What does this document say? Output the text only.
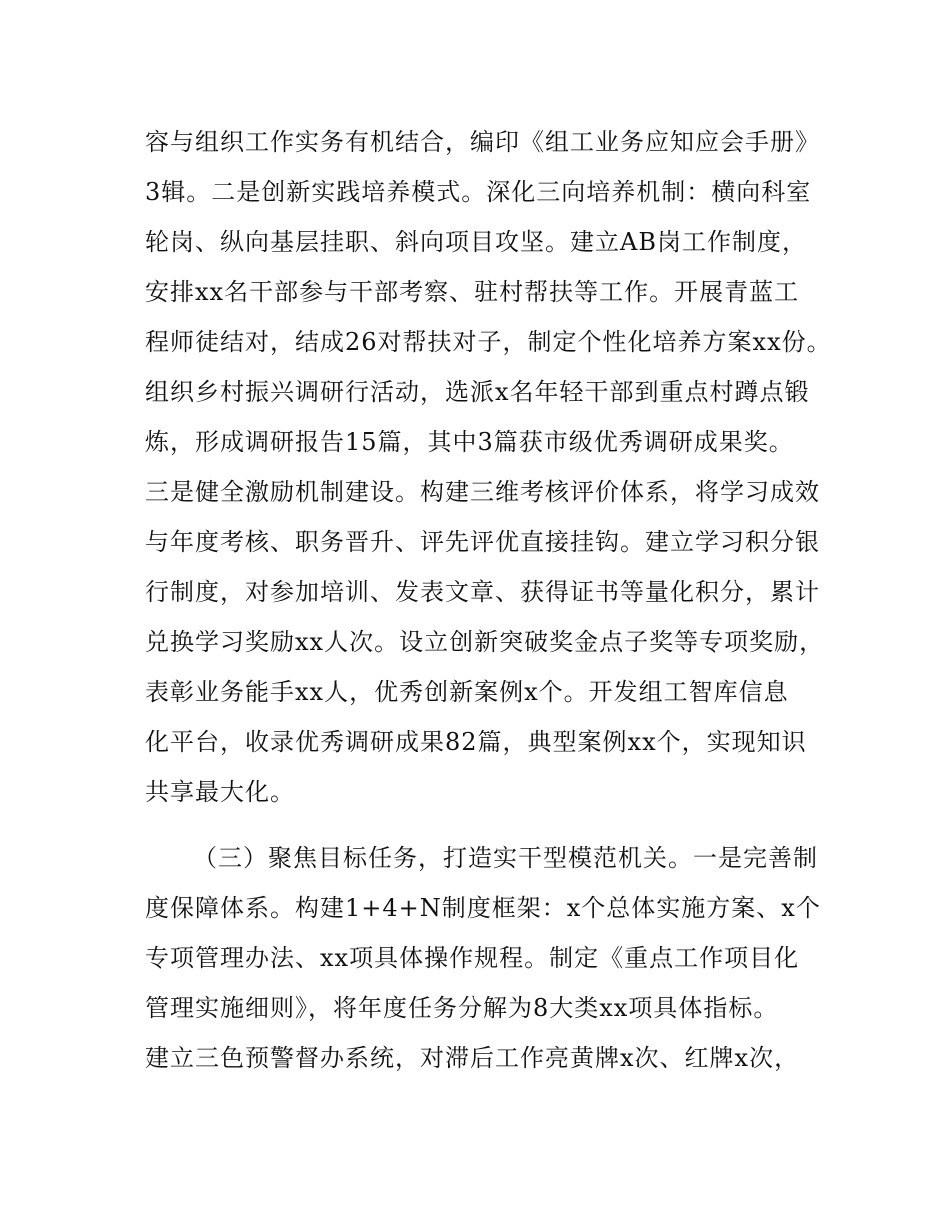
容与组织工作实务有机结合，编印《组工业务应知应会手册》
3辑。二是创新实践培养模式。深化三向培养机制：横向科室
轮岗、纵向基层挂职、斜向项目攻坚。建立AB岗工作制度，
安排xx名干部参与干部考察、驻村帮扶等工作。开展青蓝工
程师徒结对，结成26对帮扶对子，制定个性化培养方案xx份。
组织乡村振兴调研行活动，选派x名年轻干部到重点村蹲点锻
炼，形成调研报告15篇，其中3篇获市级优秀调研成果奖。
三是健全激励机制建设。构建三维考核评价体系，将学习成效
与年度考核、职务晋升、评先评优直接挂钩。建立学习积分银
行制度，对参加培训、发表文章、获得证书等量化积分，累计
兑换学习奖励xx人次。设立创新突破奖金点子奖等专项奖励，
表彰业务能手xx人，优秀创新案例x个。开发组工智库信息
化平台，收录优秀调研成果82篇，典型案例xx个，实现知识
共享最大化。
（三）聚焦目标任务，打造实干型模范机关。一是完善制
度保障体系。构建1+4+N制度框架：x个总体实施方案、x个
专项管理办法、xx项具体操作规程。制定《重点工作项目化
管理实施细则》，将年度任务分解为8大类xx项具体指标。
建立三色预警督办系统，对滞后工作亮黄牌x次、红牌x次，
